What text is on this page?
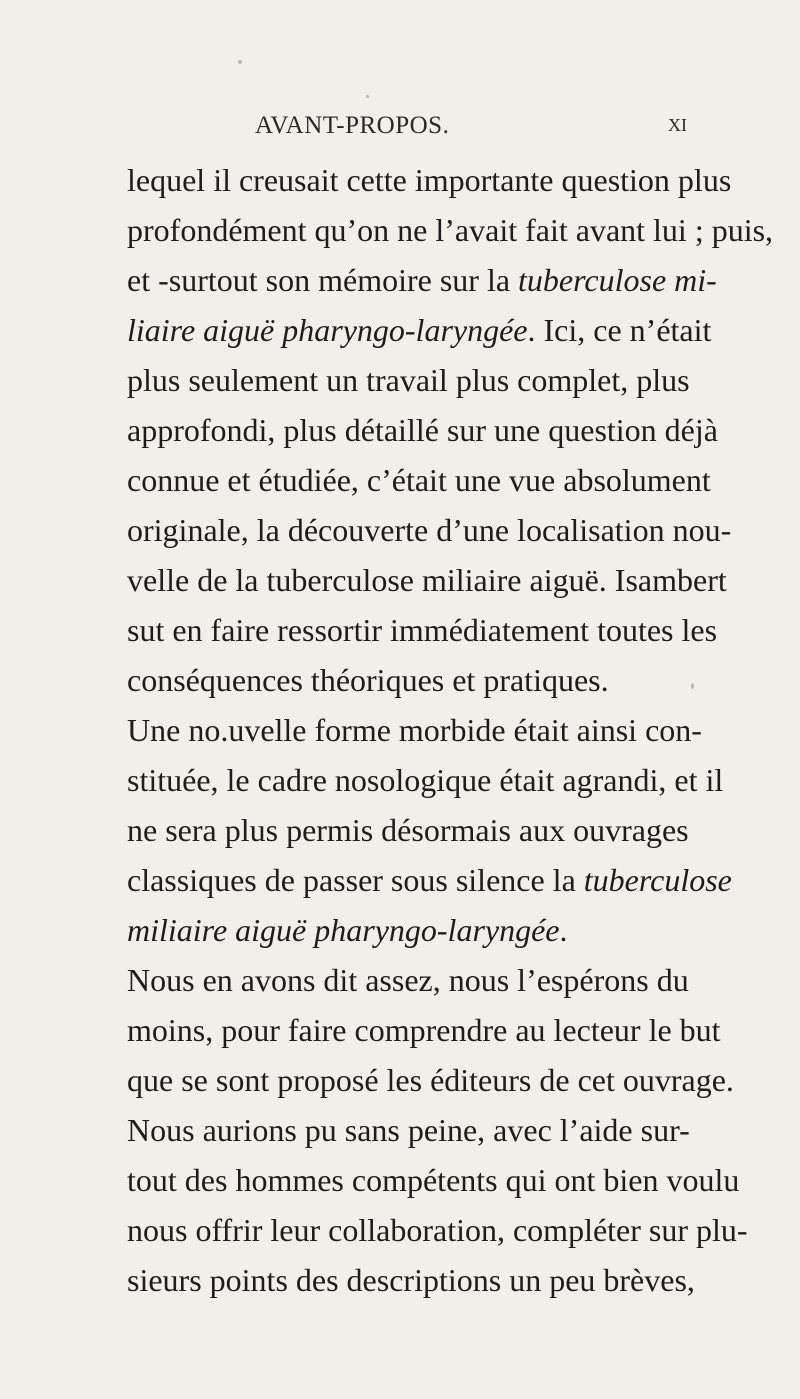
AVANT-PROPOS.	XI
lequel il creusait cette importante question plus
profondément qu’on ne l’avait fait avant lui ; puis,
et -surtout son mémoire sur la tuberculose mi-
liaire aiguë pharyngo-laryngée. Ici, ce n’était
plus seulement un travail plus complet, plus
approfondi, plus détaillé sur une question déjà
connue et étudiée, c’était une vue absolument
originale, la découverte d’une localisation nou-
velle de la tuberculose miliaire aiguë. Isambert
sut en faire ressortir immédiatement toutes les
conséquences théoriques et pratiques.
Une no.uvelle forme morbide était ainsi con-
stituée, le cadre nosologique était agrandi, et il
ne sera plus permis désormais aux ouvrages
classiques de passer sous silence la tuberculose
miliaire aiguë pharyngo-laryngée.
Nous en avons dit assez, nous l’espérons du
moins, pour faire comprendre au lecteur le but
que se sont proposé les éditeurs de cet ouvrage.
Nous aurions pu sans peine, avec l’aide sur-
tout des hommes compétents qui ont bien voulu
nous offrir leur collaboration, compléter sur plu-
sieurs points des descriptions un peu brèves,
